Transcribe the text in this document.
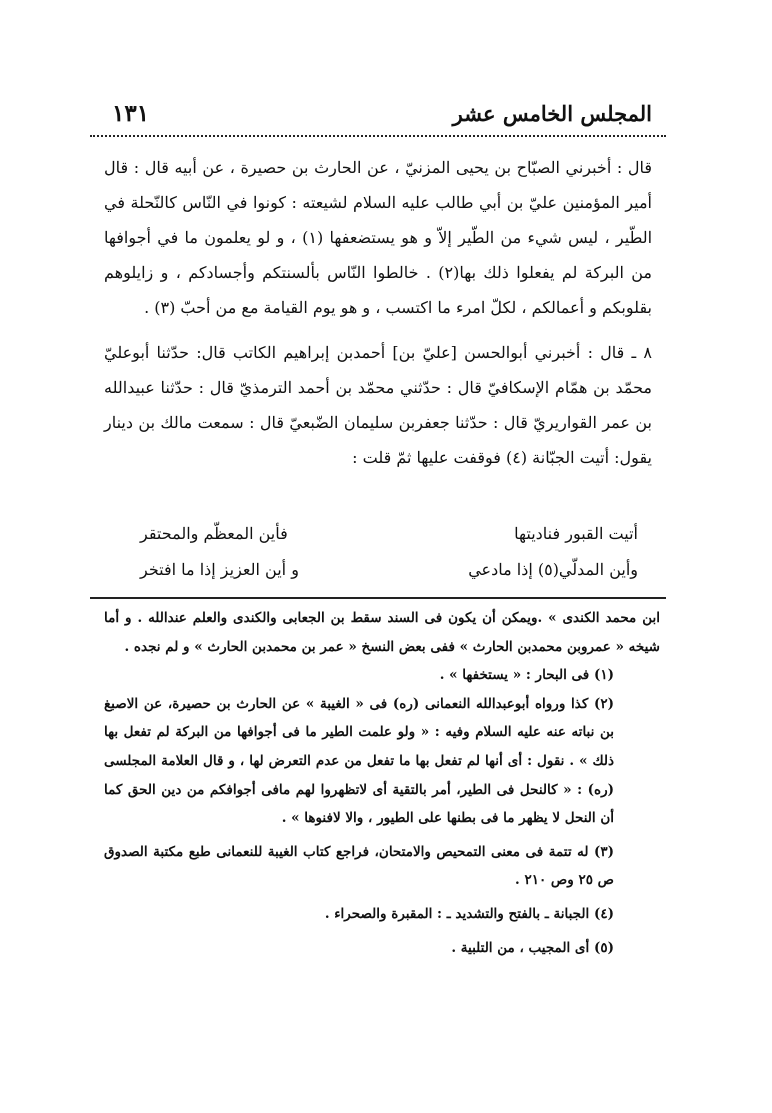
المجلس الخامس عشر
١٣١

قال : أخبرني الصبّاح بن يحيى المزنيّ ، عن الحارث بن حصيرة ، عن أبيه قال : قال أمير المؤمنين عليّ بن أبي طالب عليه السلام لشيعته : كونوا في النّاس كالنّحلة في الطّير ، ليس شيء من الطّير إلاّ و هو يستضعفها (١) ، و لو يعلمون ما في أجوافها من البركة لم يفعلوا ذلك بها(٢) . خالطوا النّاس بألسنتكم وأجسادكم ، و زايلوهم بقلوبكم و أعمالكم ، لكلّ امرء ما اكتسب ، و هو يوم القيامة مع من أحبّ (٣) .

٨ ـ قال : أخبرني أبوالحسن [عليّ بن] أحمدبن إبراهيم الكاتب قال: حدّثنا أبوعليّ محمّد بن همّام الإسكافيّ قال : حدّثني محمّد بن أحمد الترمذيّ قال : حدّثنا عبيدالله بن عمر القواريريّ قال : حدّثنا جعفربن سليمان الضّبعيّ قال : سمعت مالك بن دينار يقول: أتيت الجبّانة (٤) فوقفت عليها ثمّ قلت :

أتيت القبور فناديتها
فأين المعظّم والمحتقر
وأين المدلّي(٥) إذا مادعي
و أين العزيز إذا ما افتخر

ابن محمد الكندى » .ويمكن أن يكون فى السند سقط بن الجعابى والكندى والعلم عندالله . و أما شيخه « عمروبن محمدبن الحارث » ففى بعض النسخ « عمر بن محمدبن الحارث » و لم نجده .

(١) فى البحار : « يستخفها » .

(٢) كذا ورواه أبوعبدالله النعمانى (ره) فى « الغيبة » عن الحارث بن حصيرة، عن الاصبغ بن نباته عنه عليه السلام وفيه : « ولو علمت الطير ما فى أجوافها من البركة لم تفعل بها ذلك » . نقول : أى أنها لم تفعل بها ما تفعل من عدم التعرض لها ، و قال العلامة المجلسى (ره) : « كالنحل فى الطير، أمر بالتقية أى لاتظهروا لهم مافى أجوافكم من دين الحق كما أن النحل لا يظهر ما فى بطنها على الطيور ، والا لافنوها » .

(٣) له تتمة فى معنى التمحيص والامتحان، فراجع كتاب الغيبة للنعمانى طبع مكتبة الصدوق ص ٢٥ وص ٢١٠ .

(٤) الجبانة ـ بالفتح والتشديد ـ : المقبرة والصحراء .

(٥) أى المجيب ، من التلبية .
